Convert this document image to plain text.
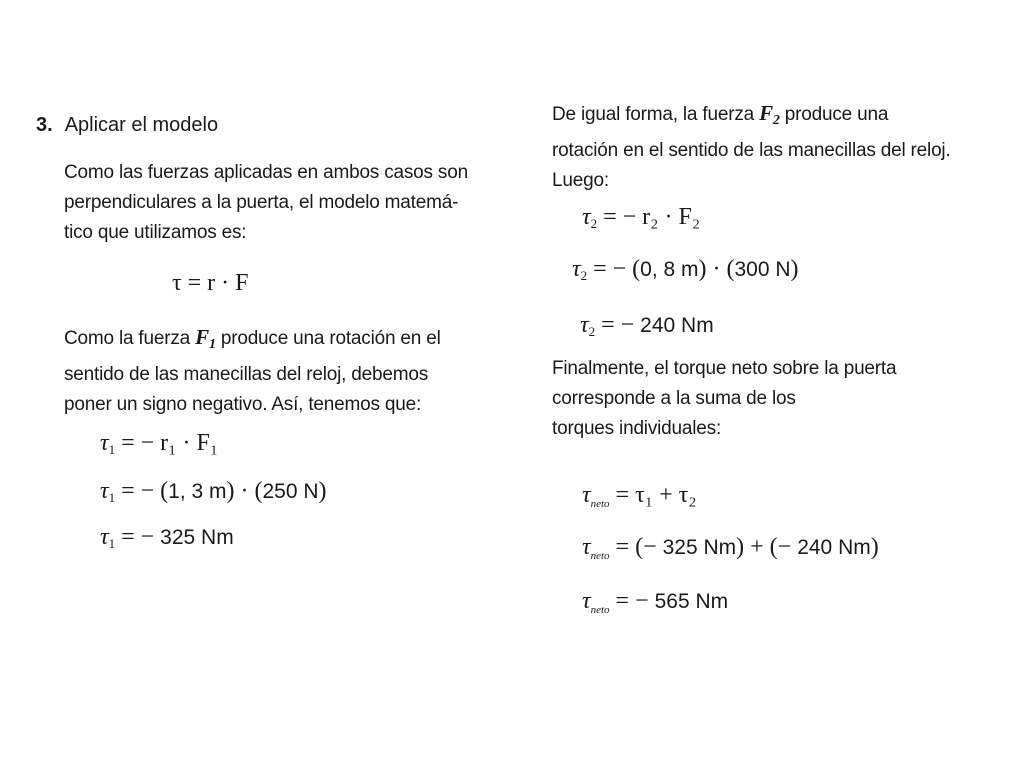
3. Aplicar el modelo
Como las fuerzas aplicadas en ambos casos son
perpendiculares a la puerta, el modelo matemá-
tico que utilizamos es:
τ = r · F
Como la fuerza F1 produce una rotación en el
sentido de las manecillas del reloj, debemos
poner un signo negativo. Así, tenemos que:
$\tau_1$ = − r₁ · F₁
$\tau_1$ = − (1, 3 m) · (250 N)
$\tau_1$ = − 325 Nm
De igual forma, la fuerza F2 produce una
rotación en el sentido de las manecillas del reloj.
Luego:
$\tau_2$ = − r₂ · F₂
$\tau_2$ = − (0, 8 m) · (300 N)
$\tau_2$ = − 240 Nm
Finalmente, el torque neto sobre la puerta
corresponde a la suma de los
torques individuales:
$\tau_{neto} = \tau_1 + \tau_2$
$\tau_{neto}$ = (− 325 Nm) + (− 240 Nm)
$\tau_{neto}$ = − 565 Nm
